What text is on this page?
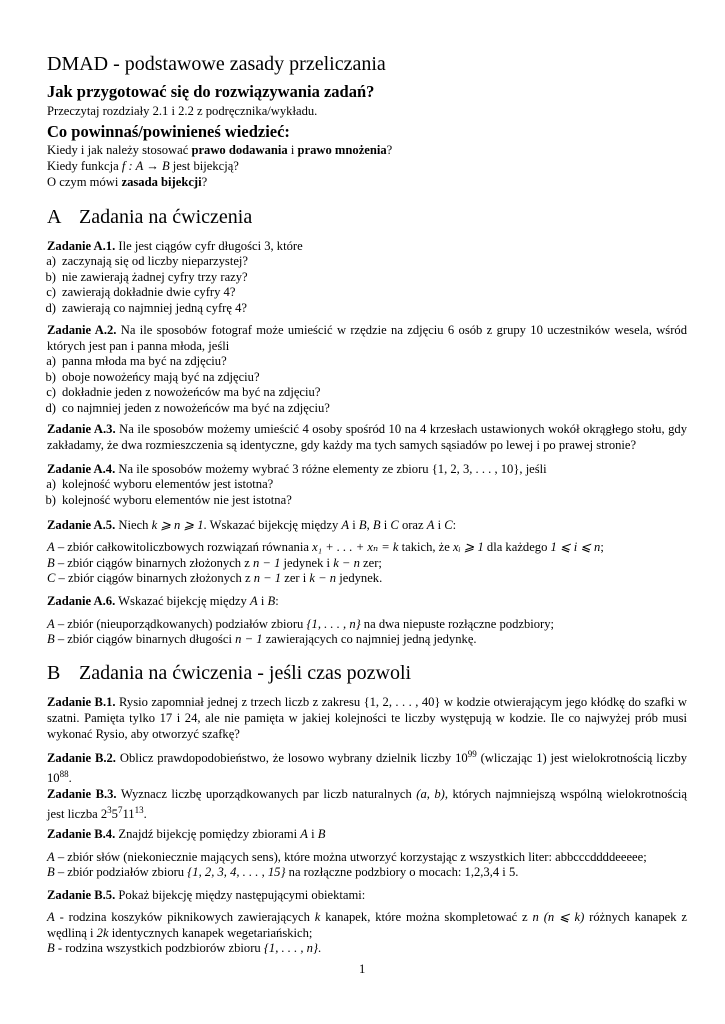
DMAD - podstawowe zasady przeliczania
Jak przygotować się do rozwiązywania zadań?
Przeczytaj rozdziały 2.1 i 2.2 z podręcznika/wykładu.
Co powinnaś/powinieneś wiedzieć:
Kiedy i jak należy stosować prawo dodawania i prawo mnożenia?
Kiedy funkcja f : A → B jest bijekcją?
O czym mówi zasada bijekcji?
A Zadania na ćwiczenia
Zadanie A.1. Ile jest ciągów cyfr długości 3, które
a) zaczynają się od liczby nieparzystej?
b) nie zawierają żadnej cyfry trzy razy?
c) zawierają dokładnie dwie cyfry 4?
d) zawierają co najmniej jedną cyfrę 4?
Zadanie A.2. Na ile sposobów fotograf może umieścić w rzędzie na zdjęciu 6 osób z grupy 10 uczestników wesela, wśród których jest pan i panna młoda, jeśli
a) panna młoda ma być na zdjęciu?
b) oboje nowożeńcy mają być na zdjęciu?
c) dokładnie jeden z nowożeńców ma być na zdjęciu?
d) co najmniej jeden z nowożeńców ma być na zdjęciu?
Zadanie A.3. Na ile sposobów możemy umieścić 4 osoby spośród 10 na 4 krzesłach ustawionych wokół okrągłego stołu, gdy zakładamy, że dwa rozmieszczenia są identyczne, gdy każdy ma tych samych sąsiadów po lewej i po prawej stronie?
Zadanie A.4. Na ile sposobów możemy wybrać 3 różne elementy ze zbioru {1, 2, 3, . . . , 10}, jeśli
a) kolejność wyboru elementów jest istotna?
b) kolejność wyboru elementów nie jest istotna?
Zadanie A.5. Niech k ⩾ n ⩾ 1. Wskazać bijekcję między A i B, B i C oraz A i C:
A – zbiór całkowitoliczbowych rozwiązań równania x₁ + . . . + xₙ = k takich, że xᵢ ⩾ 1 dla każdego 1 ⩽ i ⩽ n;
B – zbiór ciągów binarnych złożonych z n − 1 jedynek i k − n zer;
C – zbiór ciągów binarnych złożonych z n − 1 zer i k − n jedynek.
Zadanie A.6. Wskazać bijekcję między A i B:
A – zbiór (nieuporządkowanych) podziałów zbioru {1, . . . , n} na dwa niepuste rozłączne podzbiory;
B – zbiór ciągów binarnych długości n − 1 zawierających co najmniej jedną jedynkę.
B Zadania na ćwiczenia - jeśli czas pozwoli
Zadanie B.1. Rysio zapomniał jednej z trzech liczb z zakresu {1, 2, . . . , 40} w kodzie otwierającym jego kłódkę do szafki w szatni. Pamięta tylko 17 i 24, ale nie pamięta w jakiej kolejności te liczby występują w kodzie. Ile co najwyżej prób musi wykonać Rysio, aby otworzyć szafkę?
Zadanie B.2. Oblicz prawdopodobieństwo, że losowo wybrany dzielnik liczby $10^{99}$ (wliczając 1) jest wielokrotnością liczby $10^{88}$.
Zadanie B.3. Wyznacz liczbę uporządkowanych par liczb naturalnych (a, b), których najmniejszą wspólną wielokrotnością jest liczba $2^35^711^{13}$.
Zadanie B.4. Znajdź bijekcję pomiędzy zbiorami A i B
A – zbiór słów (niekoniecznie mających sens), które można utworzyć korzystając z wszystkich liter: abbcccddddeeeee;
B – zbiór podziałów zbioru {1, 2, 3, 4, . . . , 15} na rozłączne podzbiory o mocach: 1,2,3,4 i 5.
Zadanie B.5. Pokaż bijekcję między następującymi obiektami:
A - rodzina koszyków piknikowych zawierających k kanapek, które można skompletować z n (n ⩽ k) różnych kanapek z wędliną i 2k identycznych kanapek wegetariańskich;
B - rodzina wszystkich podzbiorów zbioru {1, . . . , n}.
1
